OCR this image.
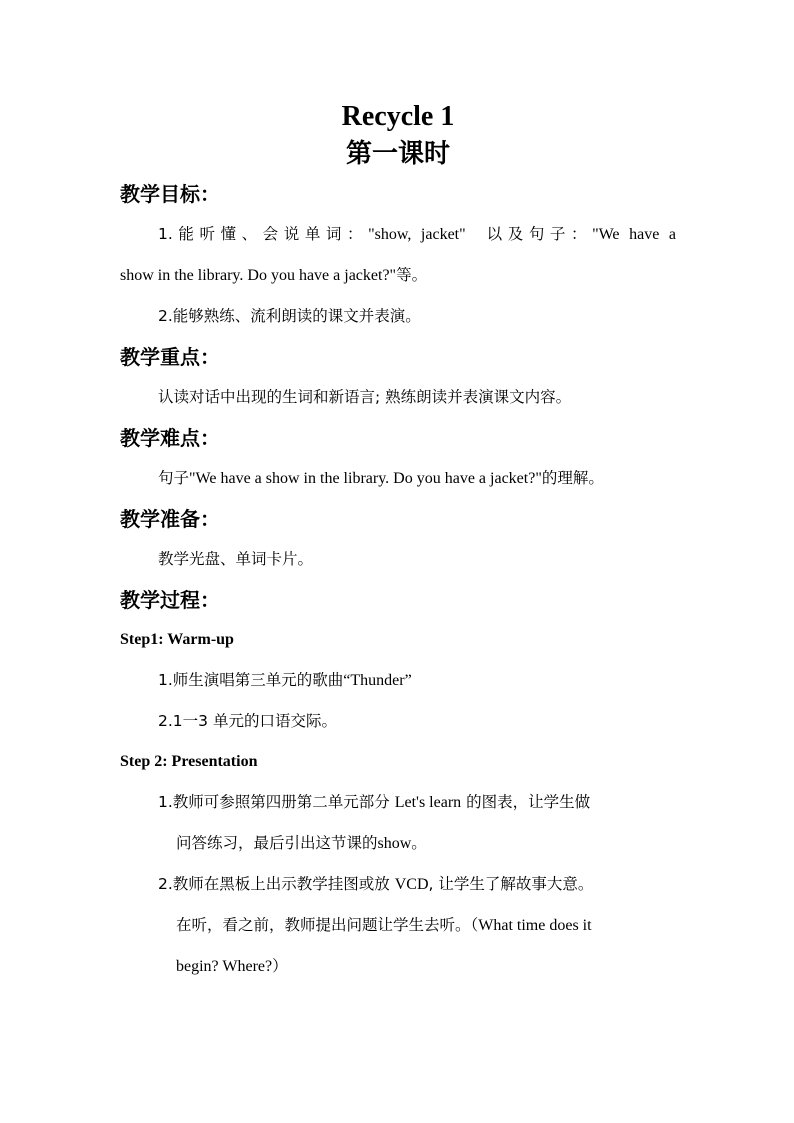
Recycle 1
第一课时
教学目标：

1.能听懂、会说单词："show, jacket" 以及句子："We have a

show in the library. Do you have a jacket?"等。

2.能够熟练、流利朗读的课文并表演。

教学重点：

认读对话中出现的生词和新语言; 熟练朗读并表演课文内容。

教学难点：

句子"We have a show in the library. Do you have a jacket?"的理解。

教学准备：

教学光盘、单词卡片。

教学过程：
Step1: Warm-up

1.师生演唱第三单元的歌曲“Thunder”

2.1一3 单元的口语交际。

Step 2: Presentation

1.教师可参照第四册第二单元部分 Let's learn 的图表，让学生做

问答练习，最后引出这节课的show。

2.教师在黑板上出示教学挂图或放 VCD, 让学生了解故事大意。

在听，看之前，教师提出问题让学生去听。（What time does it

begin? Where?）
